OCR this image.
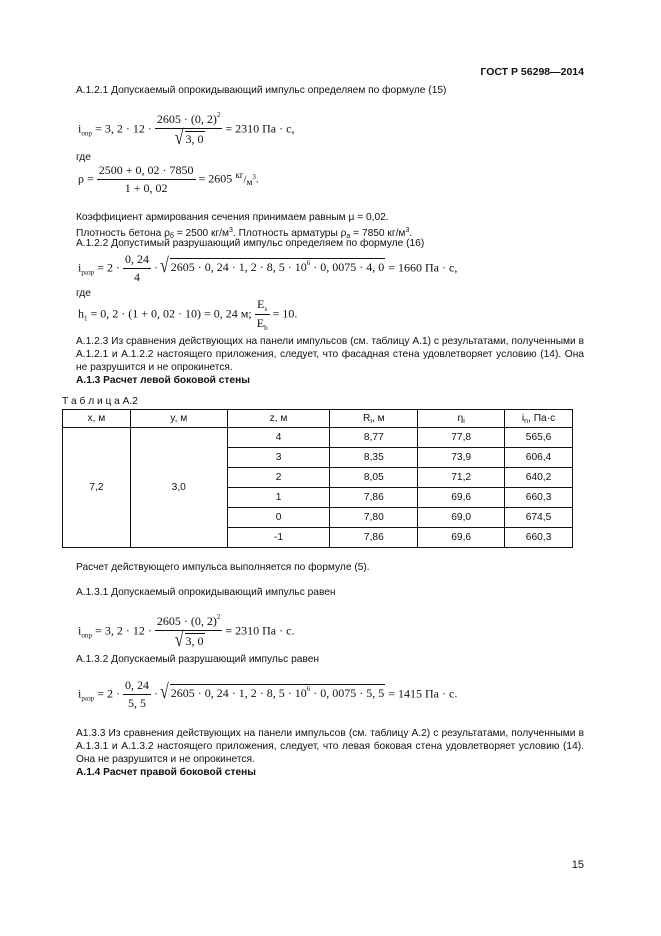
ГОСТ Р 56298—2014
А.1.2.1 Допускаемый опрокидывающий импульс определяем по формуле (15)
$i_{опр} = 3$, $2 \cdot 12 \cdot \frac{2605 \cdot (0, 2)^2}{√ 3, 0} = 2310$ Па · с,
где
$\rho = \frac{2500 + 0, 02 \cdot 7850}{1 + 0, 02} = 2605$ $^{кг}/_{м^3}$.
Коэффициент армирования сечения принимаем равным μ = 0,02.
Плотность бетона ρб = 2500 $кг/м^3$. Плотность арматуры ρа = 7850 $кг/м^3$.
А.1.2.2 Допустимый разрушающий импульс определяем по формуле (16)
$i_{разр} = 2 \cdot \frac{0, 24}{4}$ · √ 2605 · 0, 24 · 1, 2 · 8, $5 \cdot 10^6 \cdot 0$, 0075 · 4, 0 = 1660 Па · с,
где
$h_1 = 0$, 2 · (1 + 0, 02 · 10) = 0, 24 м; $\frac{E_s}{E_b} = 10$.
А.1.2.3 Из сравнения действующих на панели импульсов (см. таблицу А.1) с результатами, полученными в А.1.2.1 и А.1.2.2 настоящего приложения, следует, что фасадная стена удовлетворяет условию (14). Она не разрушится и не опрокинется.
А.1.3 Расчет левой боковой стены
Т а б л и ц а А.2
x, м	y, м	z, м	Ri, м	ηi	in, Па·с
7,2	3,0	4	8,77	77,8	565,6
		3	8,35	73,9	606,4
		2	8,05	71,2	640,2
		1	7,86	69,6	660,3
		0	7,80	69,0	674,5
		-1	7,86	69,6	660,3
Расчет действующего импульса выполняется по формуле (5).
А.1.3.1 Допускаемый опрокидывающий импульс равен
$i_{опр} = 3$, $2 \cdot 12 \cdot \frac{2605 \cdot (0, 2)^2}{√ 3, 0} = 2310$ Па · с.
А.1.3.2 Допускаемый разрушающий импульс равен
$i_{разр} = 2 \cdot \frac{0, 24}{5, 5}$ · √ 2605 · 0, 24 · 1, 2 · 8, $5 \cdot 10^6 \cdot 0$, 0075 · 5, 5 = 1415 Па · с.
А1.3.3 Из сравнения действующих на панели импульсов (см. таблицу А.2) с результатами, полученными в А.1.3.1 и А.1.3.2 настоящего приложения, следует, что левая боковая стена удовлетворяет условию (14). Она не разрушится и не опрокинется.
А.1.4 Расчет правой боковой стены
15
